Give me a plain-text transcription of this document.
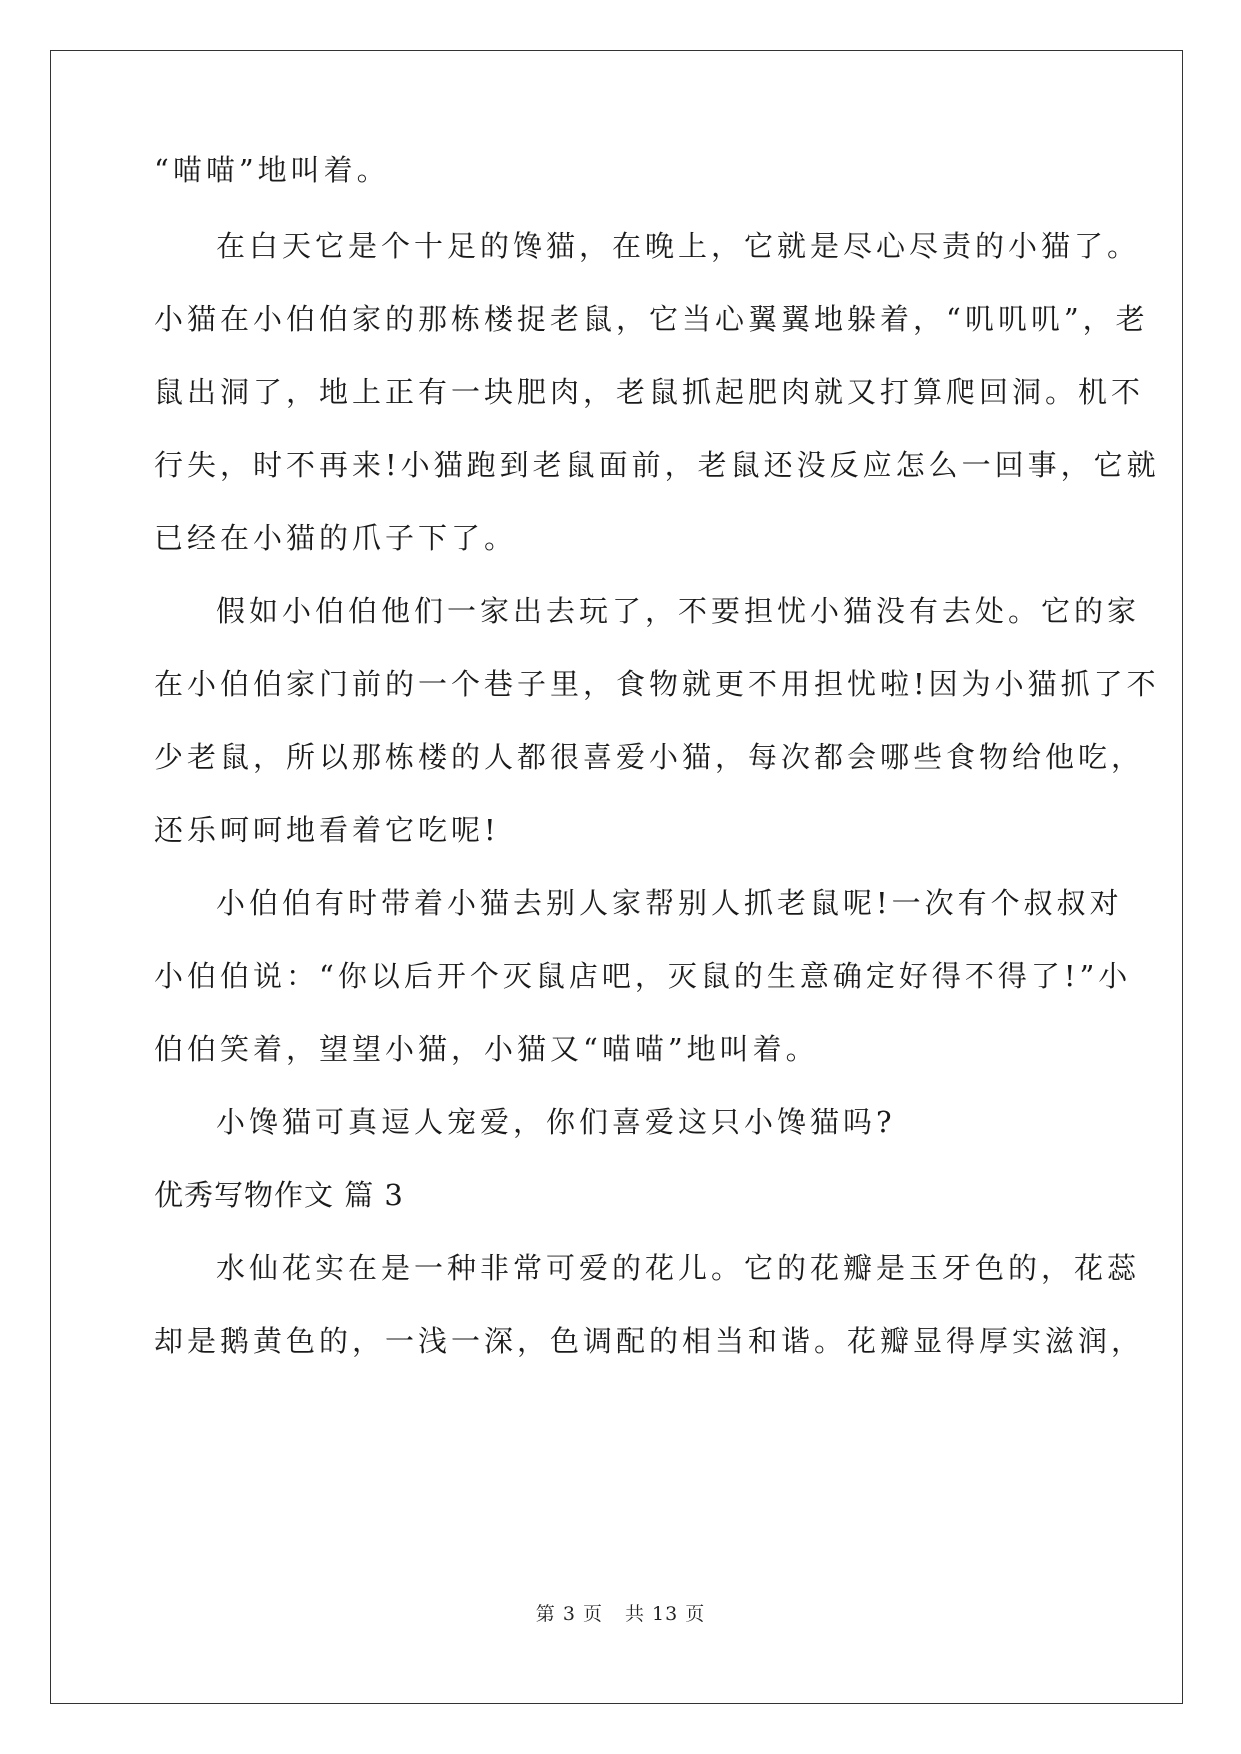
“喵喵”地叫着。
在白天它是个十足的馋猫，在晚上，它就是尽心尽责的小猫了。
小猫在小伯伯家的那栋楼捉老鼠，它当心翼翼地躲着，“叽叽叽”，老
鼠出洞了，地上正有一块肥肉，老鼠抓起肥肉就又打算爬回洞。机不
行失，时不再来!小猫跑到老鼠面前，老鼠还没反应怎么一回事，它就
已经在小猫的爪子下了。
假如小伯伯他们一家出去玩了，不要担忧小猫没有去处。它的家
在小伯伯家门前的一个巷子里，食物就更不用担忧啦!因为小猫抓了不
少老鼠，所以那栋楼的人都很喜爱小猫，每次都会哪些食物给他吃，
还乐呵呵地看着它吃呢!
小伯伯有时带着小猫去别人家帮别人抓老鼠呢!一次有个叔叔对
小伯伯说：“你以后开个灭鼠店吧，灭鼠的生意确定好得不得了!”小
伯伯笑着，望望小猫，小猫又“喵喵”地叫着。
小馋猫可真逗人宠爱，你们喜爱这只小馋猫吗?
优秀写物作文 篇 3
水仙花实在是一种非常可爱的花儿。它的花瓣是玉牙色的，花蕊
却是鹅黄色的，一浅一深，色调配的相当和谐。花瓣显得厚实滋润，
第 3 页 共 13 页
